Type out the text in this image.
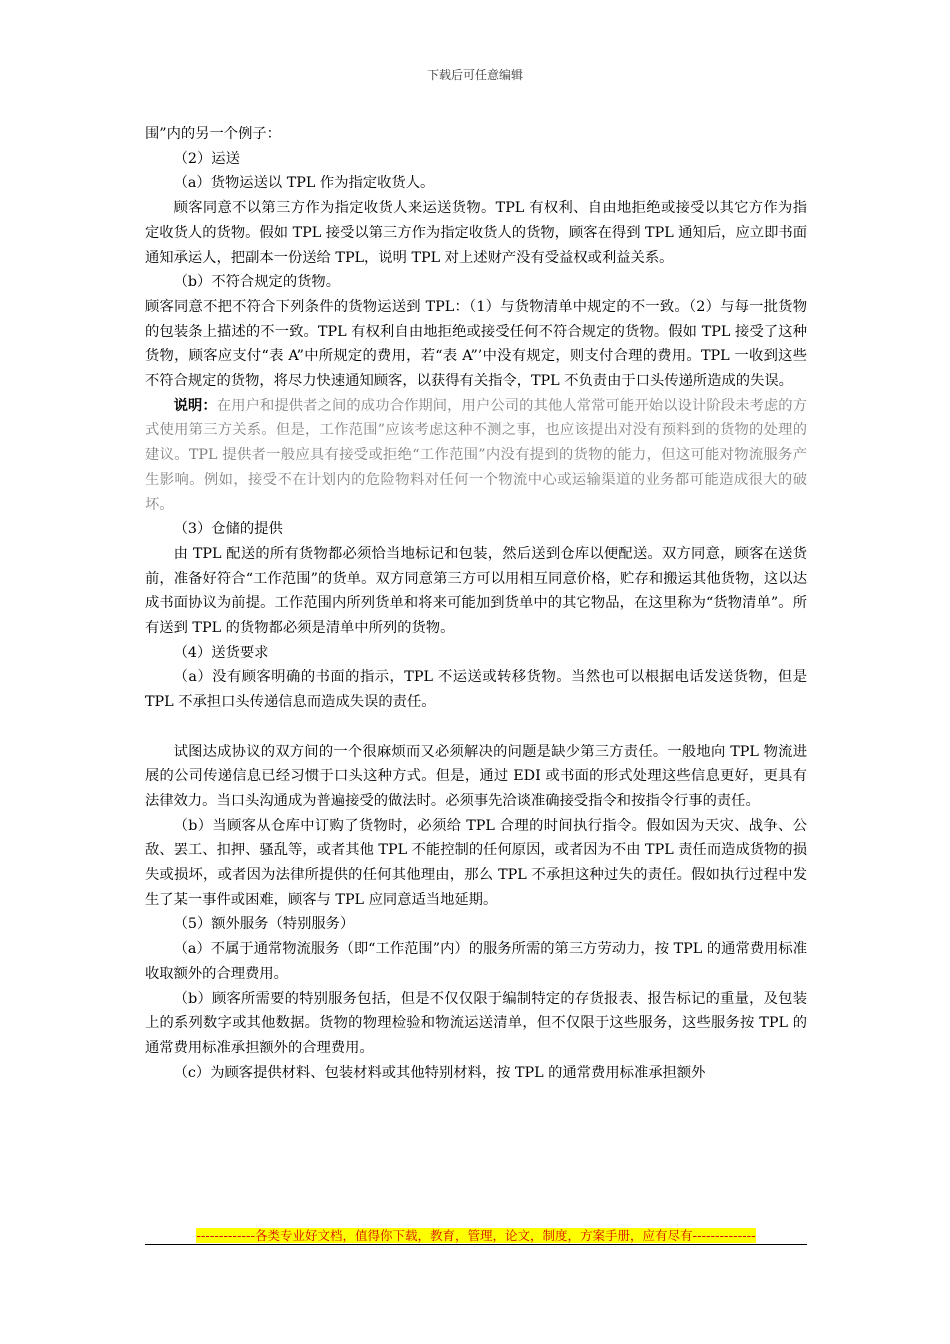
下载后可任意编辑

围”内的另一个例子：

（2）运送

（a）货物运送以 TPL 作为指定收货人。

顾客同意不以第三方作为指定收货人来运送货物。TPL 有权利、自由地拒绝或接受以其它方作为指定收货人的货物。假如 TPL 接受以第三方作为指定收货人的货物，顾客在得到 TPL 通知后，应立即书面通知承运人，把副本一份送给 TPL，说明 TPL 对上述财产没有受益权或利益关系。

（b）不符合规定的货物。

顾客同意不把不符合下列条件的货物运送到 TPL：（1）与货物清单中规定的不一致。（2）与每一批货物的包装条上描述的不一致。TPL 有权利自由地拒绝或接受任何不符合规定的货物。假如 TPL 接受了这种货物，顾客应支付“表 A”中所规定的费用，若“表 A”’中没有规定，则支付合理的费用。TPL 一收到这些不符合规定的货物，将尽力快速通知顾客，以获得有关指令，TPL 不负责由于口头传递所造成的失误。

说明：在用户和提供者之间的成功合作期间，用户公司的其他人常常可能开始以设计阶段未考虑的方式使用第三方关系。但是，工作范围”应该考虑这种不测之事，也应该提出对没有预料到的货物的处理的建议。TPL 提供者一般应具有接受或拒绝“工作范围”内没有提到的货物的能力，但这可能对物流服务产生影响。例如，接受不在计划内的危险物料对任何一个物流中心或运输渠道的业务都可能造成很大的破坏。

（3）仓储的提供

由 TPL 配送的所有货物都必须恰当地标记和包装，然后送到仓库以便配送。双方同意，顾客在送货前，准备好符合“工作范围”的货单。双方同意第三方可以用相互同意价格，贮存和搬运其他货物，这以达成书面协议为前提。工作范围内所列货单和将来可能加到货单中的其它物品，在这里称为“货物清单”。所有送到 TPL 的货物都必须是清单中所列的货物。

（4）送货要求

（a）没有顾客明确的书面的指示，TPL 不运送或转移货物。当然也可以根据电话发送货物，但是 TPL 不承担口头传递信息而造成失误的责任。

试图达成协议的双方间的一个很麻烦而又必须解决的问题是缺少第三方责任。一般地向 TPL 物流进展的公司传递信息已经习惯于口头这种方式。但是，通过 EDI 或书面的形式处理这些信息更好，更具有法律效力。当口头沟通成为普遍接受的做法时。必须事先洽谈准确接受指令和按指令行事的责任。

（b）当顾客从仓库中订购了货物时，必须给 TPL 合理的时间执行指令。假如因为天灾、战争、公敌、罢工、扣押、骚乱等，或者其他 TPL 不能控制的任何原因，或者因为不由 TPL 责任而造成货物的损失或损坏，或者因为法律所提供的任何其他理由，那么 TPL 不承担这种过失的责任。假如执行过程中发生了某一事件或困难，顾客与 TPL 应同意适当地延期。

（5）额外服务（特别服务）

（a）不属于通常物流服务（即“工作范围”内）的服务所需的第三方劳动力，按 TPL 的通常费用标准收取额外的合理费用。

（b）顾客所需要的特别服务包括，但是不仅仅限于编制特定的存货报表、报告标记的重量，及包装上的系列数字或其他数据。货物的物理检验和物流运送清单，但不仅限于这些服务，这些服务按 TPL 的通常费用标准承担额外的合理费用。

（c）为顾客提供材料、包装材料或其他特别材料，按 TPL 的通常费用标准承担额外

-------------各类专业好文档，值得你下载，教育，管理，论文，制度，方案手册，应有尽有--------------
